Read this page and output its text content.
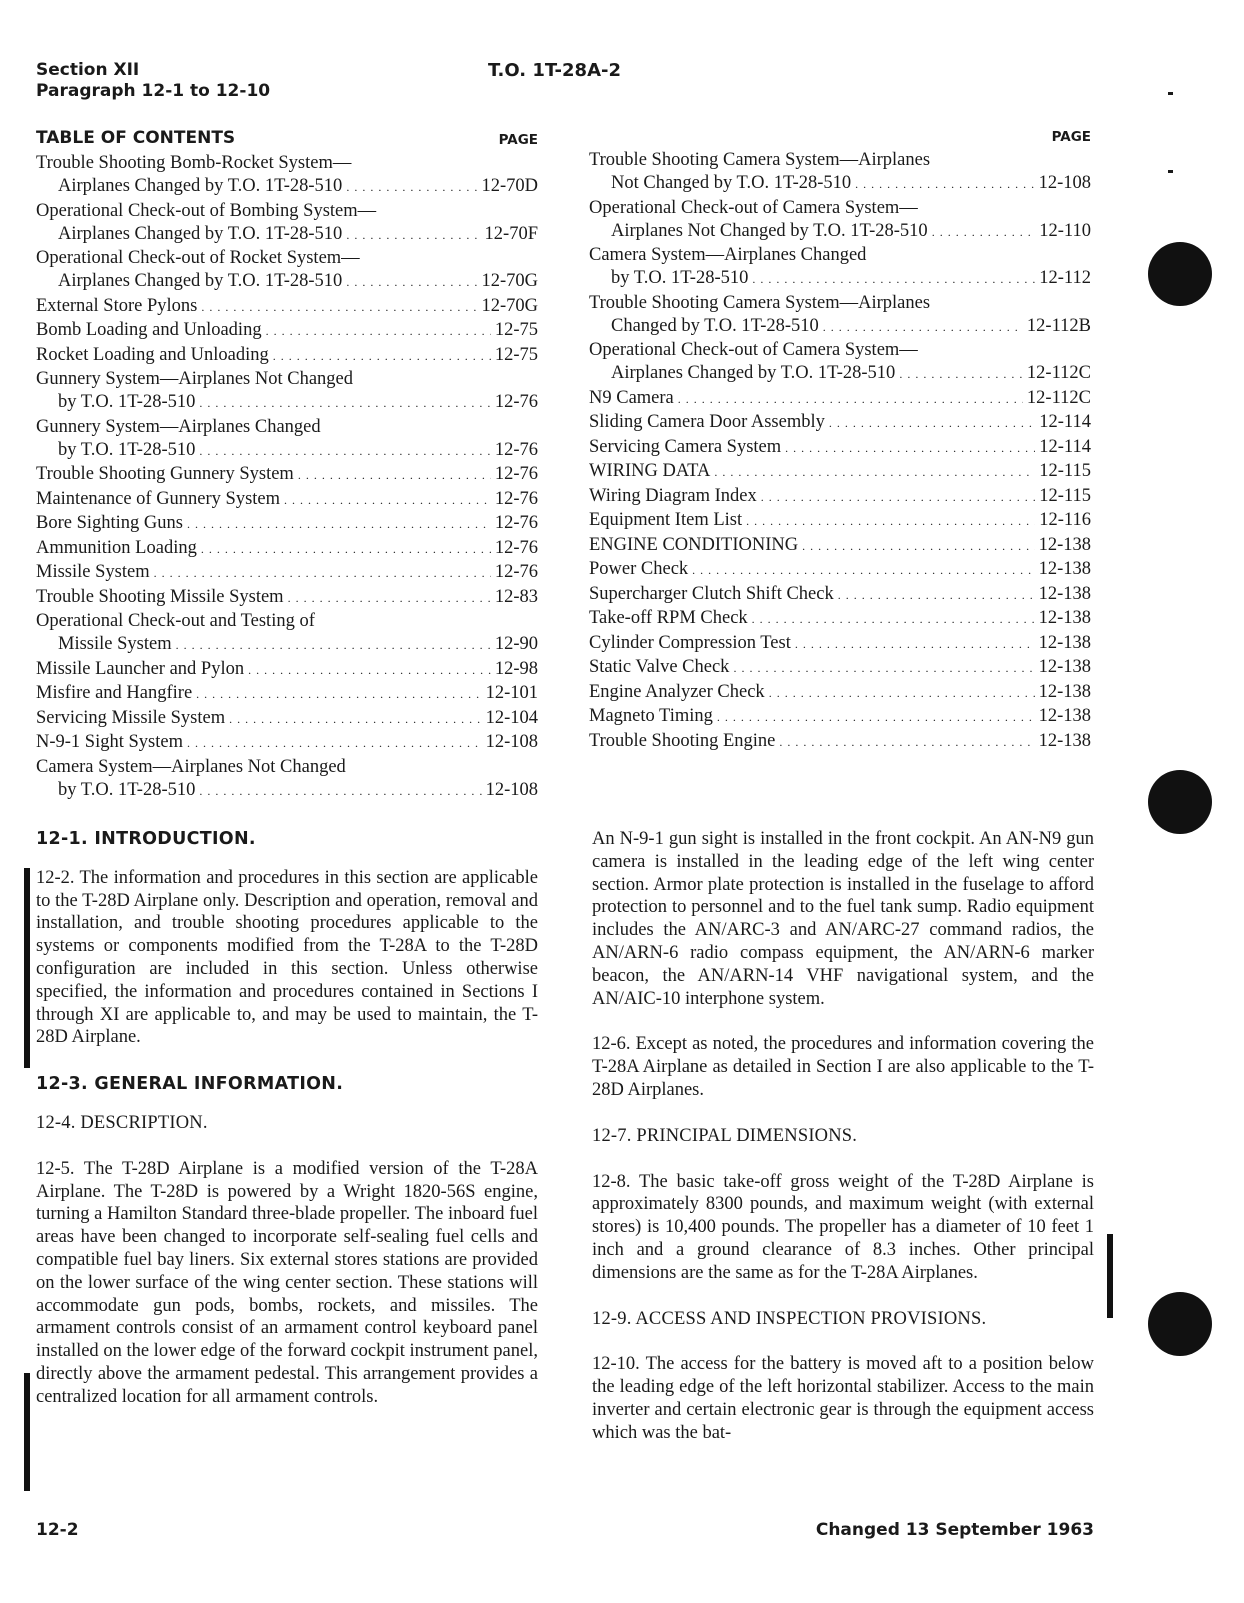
Section XII
Paragraph 12-1 to 12-10
T.O. 1T-28A-2
TABLE OF CONTENTS	PAGE
Trouble Shooting Bomb-Rocket System—
Airplanes Changed by T.O. 1T-28-510 . . .	12-70D
Operational Check-out of Bombing System—
Airplanes Changed by T.O. 1T-28-510 . . .	12-70F
Operational Check-out of Rocket System—
Airplanes Changed by T.O. 1T-28-510 . . .	12-70G
External Store Pylons . . .	12-70G
Bomb Loading and Unloading . . .	12-75
Rocket Loading and Unloading . . .	12-75
Gunnery System—Airplanes Not Changed
by T.O. 1T-28-510 . . .	12-76
Gunnery System—Airplanes Changed
by T.O. 1T-28-510 . . .	12-76
Trouble Shooting Gunnery System . . .	12-76
Maintenance of Gunnery System . . .	12-76
Bore Sighting Guns . . .	12-76
Ammunition Loading . . .	12-76
Missile System . . .	12-76
Trouble Shooting Missile System . . .	12-83
Operational Check-out and Testing of
Missile System . . .	12-90
Missile Launcher and Pylon . . .	12-98
Misfire and Hangfire . . .	12-101
Servicing Missile System . . .	12-104
N-9-1 Sight System . . .	12-108
Camera System—Airplanes Not Changed
by T.O. 1T-28-510 . . .	12-108
PAGE
Trouble Shooting Camera System—Airplanes
Not Changed by T.O. 1T-28-510 . . .	12-108
Operational Check-out of Camera System—
Airplanes Not Changed by T.O. 1T-28-510 . . .	12-110
Camera System—Airplanes Changed
by T.O. 1T-28-510 . . .	12-112
Trouble Shooting Camera System—Airplanes
Changed by T.O. 1T-28-510 . . .	12-112B
Operational Check-out of Camera System—
Airplanes Changed by T.O. 1T-28-510 . . .	12-112C
N9 Camera . . .	12-112C
Sliding Camera Door Assembly . . .	12-114
Servicing Camera System . . .	12-114
WIRING DATA . . .	12-115
Wiring Diagram Index . . .	12-115
Equipment Item List . . .	12-116
ENGINE CONDITIONING . . .	12-138
Power Check . . .	12-138
Supercharger Clutch Shift Check . . .	12-138
Take-off RPM Check . . .	12-138
Cylinder Compression Test . . .	12-138
Static Valve Check . . .	12-138
Engine Analyzer Check . . .	12-138
Magneto Timing . . .	12-138
Trouble Shooting Engine . . .	12-138
12-1. INTRODUCTION.

12-2. The information and procedures in this section are applicable to the T-28D Airplane only. Description and operation, removal and installation, and trouble shooting procedures applicable to the systems or components modified from the T-28A to the T-28D configuration are included in this section. Unless otherwise specified, the information and procedures contained in Sections I through XI are applicable to, and may be used to maintain, the T-28D Airplane.

12-3. GENERAL INFORMATION.
12-4. DESCRIPTION.

12-5. The T-28D Airplane is a modified version of the T-28A Airplane. The T-28D is powered by a Wright 1820-56S engine, turning a Hamilton Standard three-blade propeller. The inboard fuel areas have been changed to incorporate self-sealing fuel cells and compatible fuel bay liners. Six external stores stations are provided on the lower surface of the wing center section. These stations will accommodate gun pods, bombs, rockets, and missiles. The armament controls consist of an armament control keyboard panel installed on the lower edge of the forward cockpit instrument panel, directly above the armament pedestal. This arrangement provides a centralized location for all armament controls.

An N-9-1 gun sight is installed in the front cockpit. An AN-N9 gun camera is installed in the leading edge of the left wing center section. Armor plate protection is installed in the fuselage to afford protection to personnel and to the fuel tank sump. Radio equipment includes the AN/ARC-3 and AN/ARC-27 command radios, the AN/ARN-6 radio compass equipment, the AN/ARN-6 marker beacon, the AN/ARN-14 VHF navigational system, and the AN/AIC-10 interphone system.

12-6. Except as noted, the procedures and information covering the T-28A Airplane as detailed in Section I are also applicable to the T-28D Airplanes.

12-7. PRINCIPAL DIMENSIONS.

12-8. The basic take-off gross weight of the T-28D Airplane is approximately 8300 pounds, and maximum weight (with external stores) is 10,400 pounds. The propeller has a diameter of 10 feet 1 inch and a ground clearance of 8.3 inches. Other principal dimensions are the same as for the T-28A Airplanes.

12-9. ACCESS AND INSPECTION PROVISIONS.

12-10. The access for the battery is moved aft to a position below the leading edge of the left horizontal stabilizer. Access to the main inverter and certain electronic gear is through the equipment access which was the bat-

12-2	Changed 13 September 1963
